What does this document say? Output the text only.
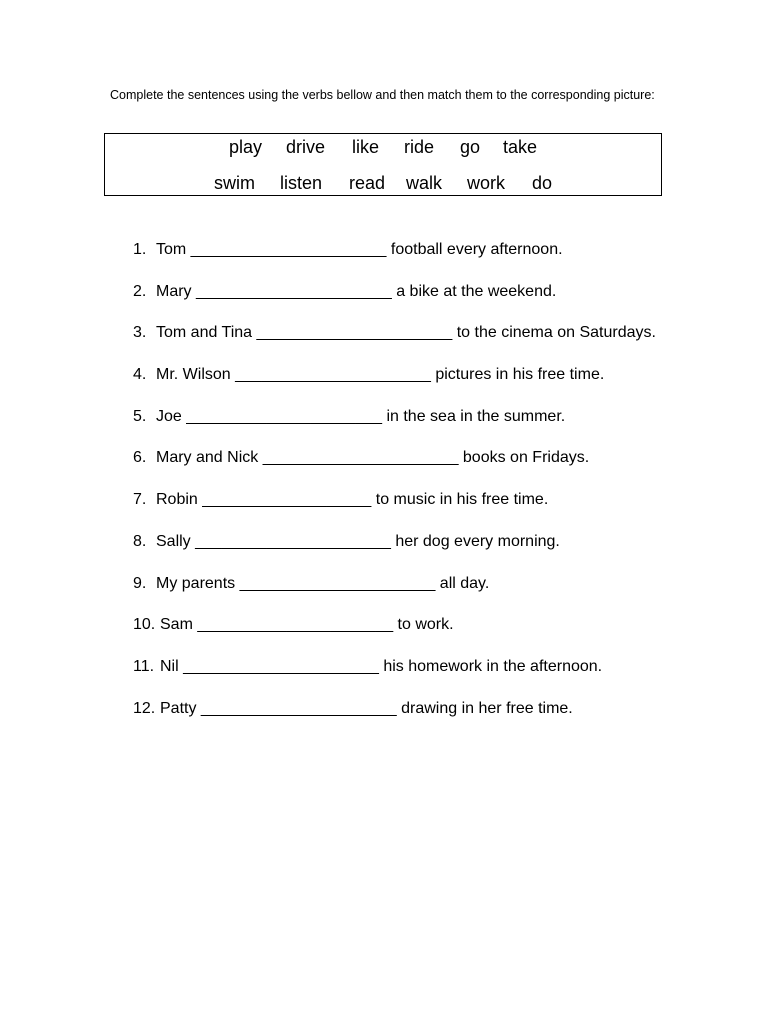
Complete the sentences using the verbs bellow and then match them to the corresponding picture:
play drive like ride go take
swim listen read walk work do
1. Tom ______________________ football every afternoon.
2. Mary ______________________ a bike at the weekend.
3. Tom and Tina ______________________ to the cinema on Saturdays.
4. Mr. Wilson ______________________ pictures in his free time.
5. Joe ______________________ in the sea in the summer.
6. Mary and Nick ______________________ books on Fridays.
7. Robin ___________________ to music in his free time.
8. Sally ______________________ her dog every morning.
9. My parents ______________________ all day.
10. Sam ______________________ to work.
11. Nil ______________________ his homework in the afternoon.
12. Patty ______________________ drawing in her free time.
